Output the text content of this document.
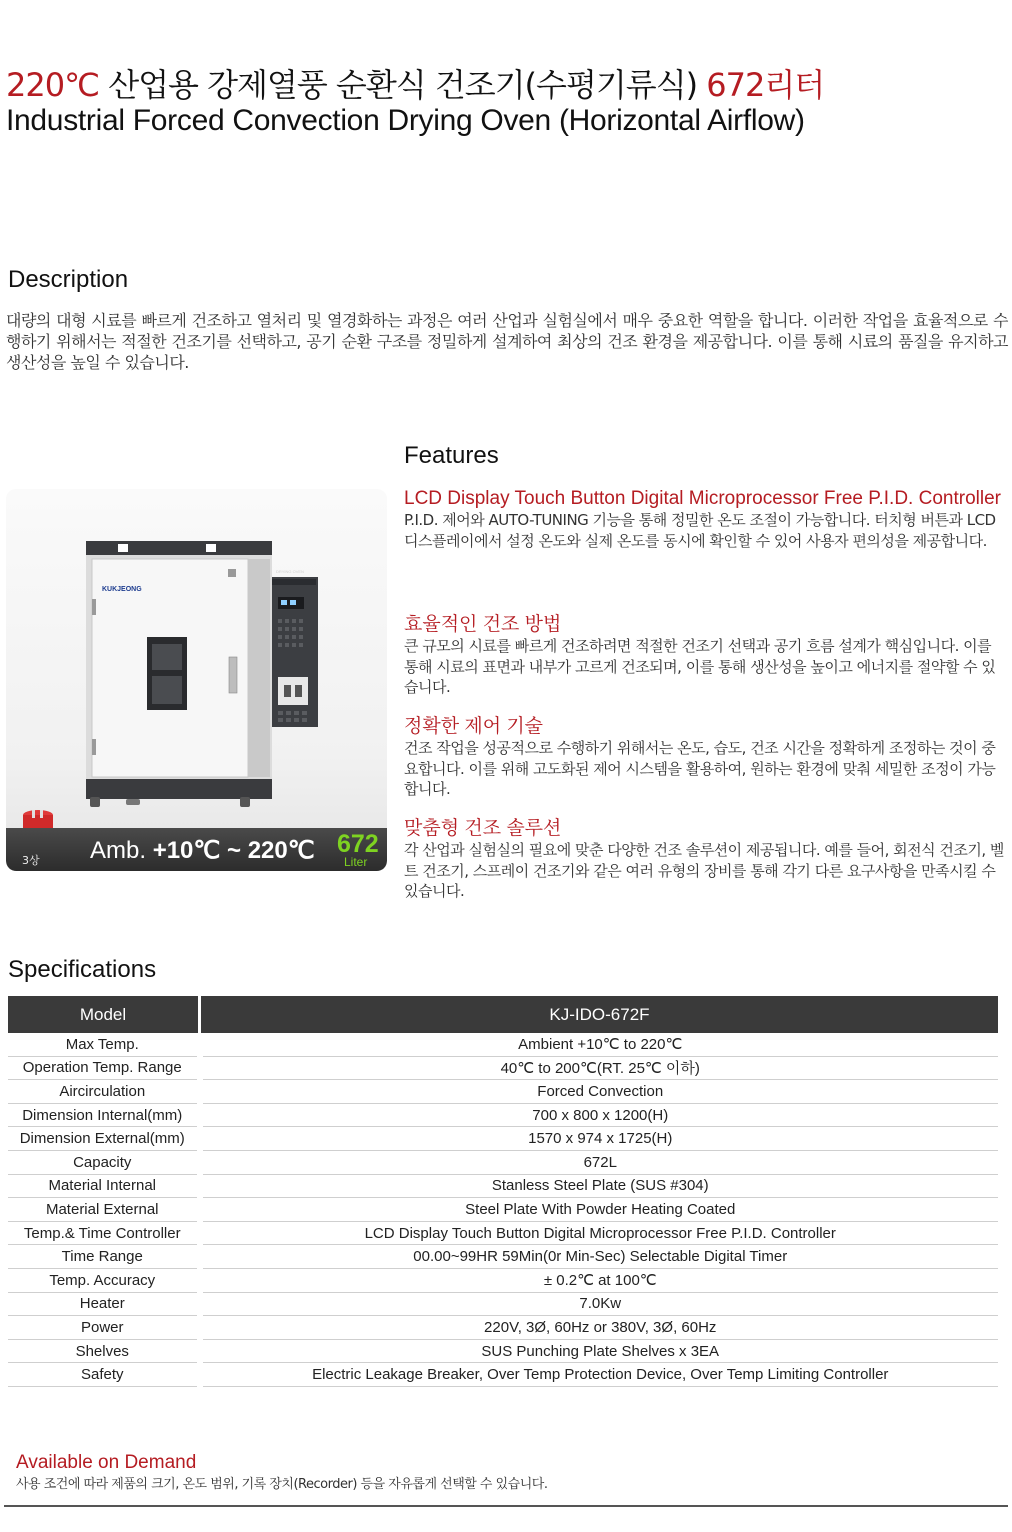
220℃ 산업용 강제열풍 순환식 건조기(수평기류식) 672리터
Industrial Forced Convection Drying Oven (Horizontal Airflow)
Description
대량의 대형 시료를 빠르게 건조하고 열처리 및 열경화하는 과정은 여러 산업과 실험실에서 매우 중요한 역할을 합니다. 이러한 작업을 효율적으로 수행하기 위해서는 적절한 건조기를 선택하고, 공기 순환 구조를 정밀하게 설계하여 최상의 건조 환경을 제공합니다. 이를 통해 시료의 품질을 유지하고 생산성을 높일 수 있습니다.
KUKJEONG
DRYING OVEN
3상 Amb. +10℃ ~ 220℃ 672
Liter
Features
LCD Display Touch Button Digital Microprocessor Free P.I.D. Controller
P.I.D. 제어와 AUTO-TUNING 기능을 통해 정밀한 온도 조절이 가능합니다. 터치형 버튼과 LCD 디스플레이에서 설정 온도와 실제 온도를 동시에 확인할 수 있어 사용자 편의성을 제공합니다.
효율적인 건조 방법
큰 규모의 시료를 빠르게 건조하려면 적절한 건조기 선택과 공기 흐름 설계가 핵심입니다. 이를 통해 시료의 표면과 내부가 고르게 건조되며, 이를 통해 생산성을 높이고 에너지를 절약할 수 있습니다.
정확한 제어 기술
건조 작업을 성공적으로 수행하기 위해서는 온도, 습도, 건조 시간을 정확하게 조정하는 것이 중요합니다. 이를 위해 고도화된 제어 시스템을 활용하여, 원하는 환경에 맞춰 세밀한 조정이 가능합니다.
맞춤형 건조 솔루션
각 산업과 실험실의 필요에 맞춘 다양한 건조 솔루션이 제공됩니다. 예를 들어, 회전식 건조기, 벨트 건조기, 스프레이 건조기와 같은 여러 유형의 장비를 통해 각기 다른 요구사항을 만족시킬 수 있습니다.
Specifications
Model	KJ-IDO-672F
Max Temp.	Ambient +10℃ to 220℃
Operation Temp. Range	40℃ to 200℃(RT. 25℃ 이하)
Aircirculation	Forced Convection
Dimension Internal(mm)	700 x 800 x 1200(H)
Dimension External(mm)	1570 x 974 x 1725(H)
Capacity	672L
Material Internal	Stanless Steel Plate (SUS #304)
Material External	Steel Plate With Powder Heating Coated
Temp.& Time Controller	LCD Display Touch Button Digital Microprocessor Free P.I.D. Controller
Time Range	00.00~99HR 59Min(0r Min-Sec) Selectable Digital Timer
Temp. Accuracy	± 0.2℃ at 100℃
Heater	7.0Kw
Power	220V, 3Ø, 60Hz or 380V, 3Ø, 60Hz
Shelves	SUS Punching Plate Shelves x 3EA
Safety	Electric Leakage Breaker, Over Temp Protection Device, Over Temp Limiting Controller
Available on Demand
사용 조건에 따라 제품의 크기, 온도 범위, 기록 장치(Recorder) 등을 자유롭게 선택할 수 있습니다.
